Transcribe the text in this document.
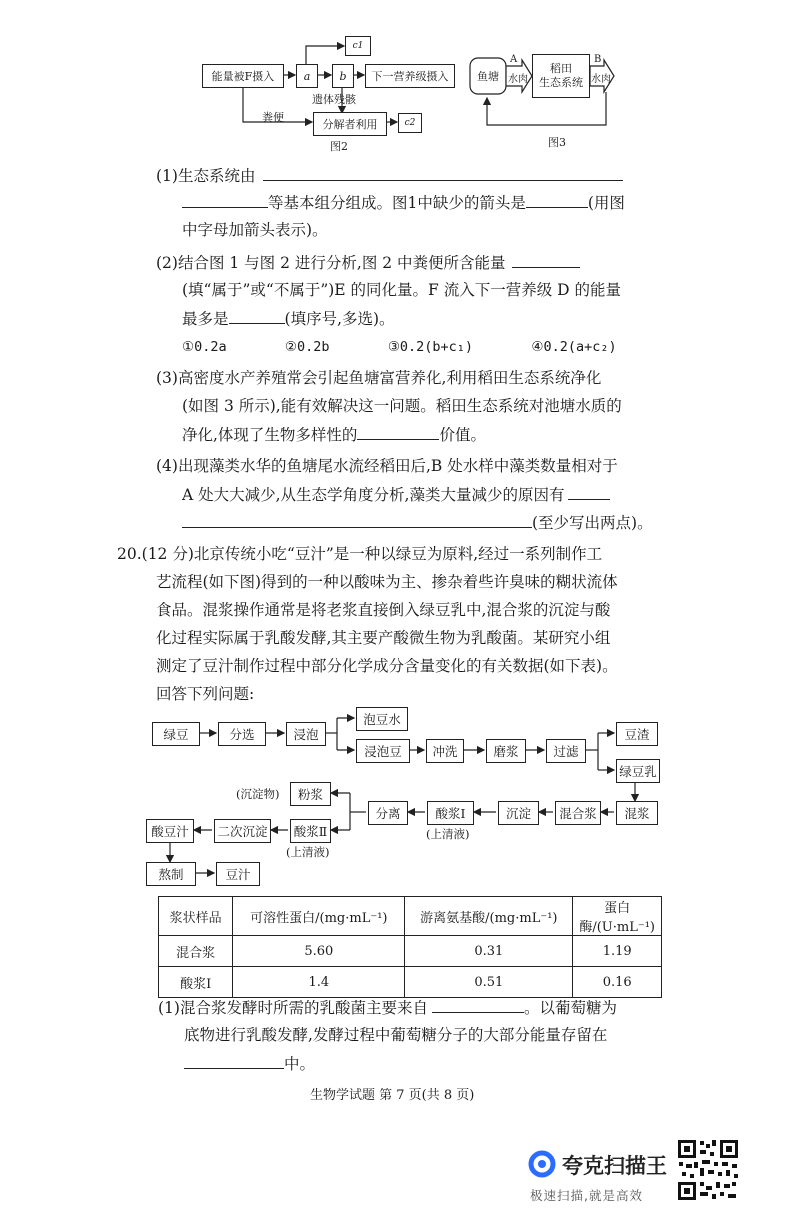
能量被F摄入	a	b	下一营养级摄入
c1
遗体残骸
粪便
分解者利用	c2
图2
鱼塘
A
水肉
稻田
生态系统
B
水肉
图3
(1)生态系统由
等基本组分组成。图1中缺少的箭头是	(用图
中字母加箭头表示)。
(2)结合图 1 与图 2 进行分析,图 2 中粪便所含能量
(填“属于”或“不属于”)E 的同化量。F 流入下一营养级 D 的能量
最多是	(填序号,多选)。
①0.2a	②0.2b	③0.2(b+c₁)	④0.2(a+c₂)
(3)高密度水产养殖常会引起鱼塘富营养化,利用稻田生态系统净化
(如图 3 所示),能有效解决这一问题。稻田生态系统对池塘水质的
净化,体现了生物多样性的	价值。
(4)出现藻类水华的鱼塘尾水流经稻田后,B 处水样中藻类数量相对于
A 处大大减少,从生态学角度分析,藻类大量减少的原因有
(至少写出两点)。
20.(12 分)北京传统小吃“豆汁”是一种以绿豆为原料,经过一系列制作工
艺流程(如下图)得到的一种以酸味为主、掺杂着些许臭味的糊状流体
食品。混浆操作通常是将老浆直接倒入绿豆乳中,混合浆的沉淀与酸
化过程实际属于乳酸发酵,其主要产酸微生物为乳酸菌。某研究小组
测定了豆汁制作过程中部分化学成分含量变化的有关数据(如下表)。
回答下列问题:
绿豆	分选	浸泡
泡豆水
浸泡豆	冲洗	磨浆	过滤
豆渣
绿豆乳
混浆
混合浆
沉淀
酸浆Ⅰ
(上清液)
分离
粉浆
(沉淀物)
酸浆Ⅱ
(上清液)
二次沉淀
酸豆汁
熬制	豆汁
浆状样品	可溶性蛋白/(mg·mL⁻¹)	游离氨基酸/(mg·mL⁻¹)	蛋白酶/(U·mL⁻¹)
混合浆	5.60	0.31	1.19
酸浆Ⅰ	1.4	0.51	0.16
(1)混合浆发酵时所需的乳酸菌主要来自	。以葡萄糖为
底物进行乳酸发酵,发酵过程中葡萄糖分子的大部分能量存留在
中。
生物学试题 第 7 页(共 8 页)
夸克扫描王
极速扫描,就是高效
